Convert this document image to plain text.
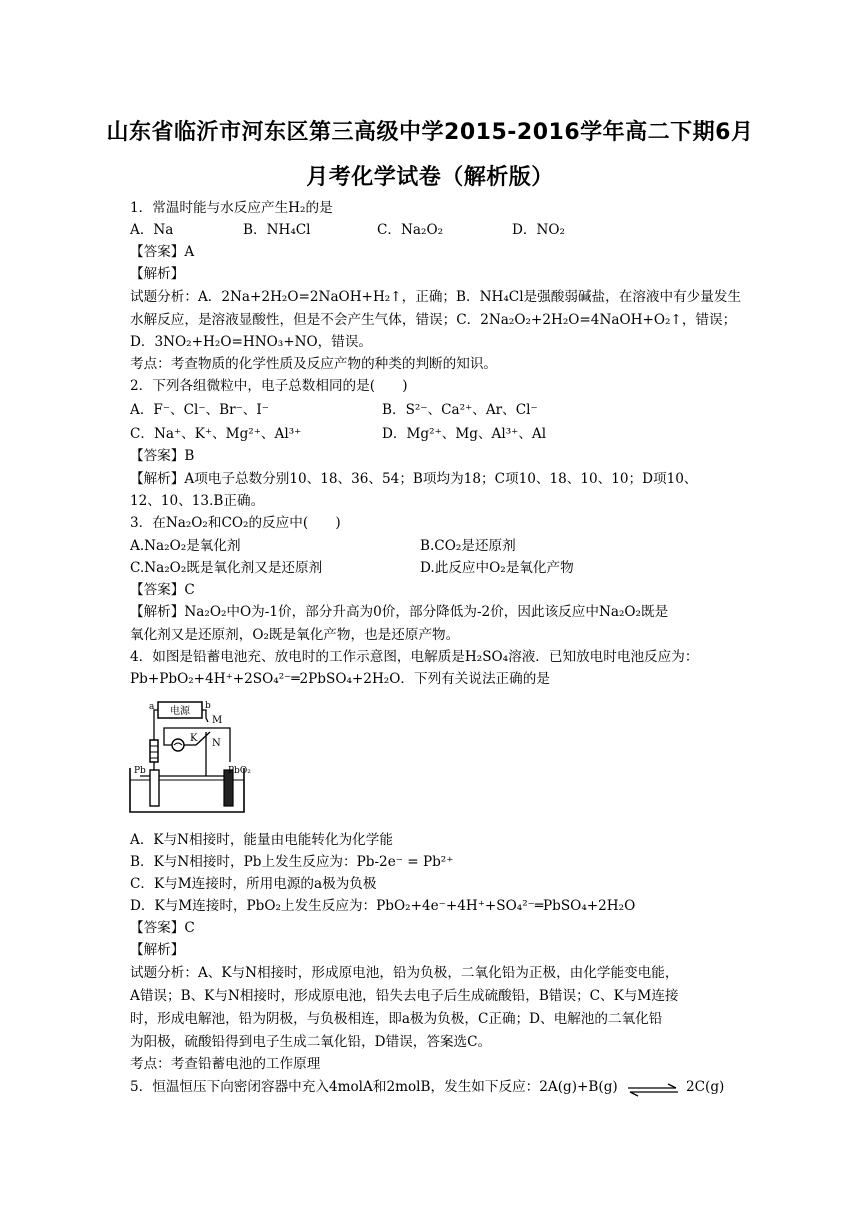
山东省临沂市河东区第三高级中学2015-2016学年高二下期6月
月考化学试卷（解析版）
1．常温时能与水反应产生H₂的是
A．Na	B．NH₄Cl	C．Na₂O₂	D．NO₂
【答案】A
【解析】
试题分析：A．2Na+2H₂O=2NaOH+H₂↑，正确；B．NH₄Cl是强酸弱碱盐，在溶液中有少量发生
水解反应，是溶液显酸性，但是不会产生气体，错误；C．2Na₂O₂+2H₂O=4NaOH+O₂↑，错误；
D．3NO₂+H₂O=HNO₃+NO，错误。
考点：考查物质的化学性质及反应产物的种类的判断的知识。
2．下列各组微粒中，电子总数相同的是(　　)
A．F⁻、Cl⁻、Br⁻、I⁻	B．S²⁻、Ca²⁺、Ar、Cl⁻
C．Na⁺、K⁺、Mg²⁺、Al³⁺	D．Mg²⁺、Mg、Al³⁺、Al
【答案】B
【解析】A项电子总数分别10、18、36、54；B项均为18；C项10、18、10、10；D项10、
12、10、13.B正确。
3．在Na₂O₂和CO₂的反应中(　　)
A.Na₂O₂是氧化剂	B.CO₂是还原剂
C.Na₂O₂既是氧化剂又是还原剂	D.此反应中O₂是氧化产物
【答案】C
【解析】Na₂O₂中O为-1价，部分升高为0价，部分降低为-2价，因此该反应中Na₂O₂既是
氧化剂又是还原剂，O₂既是氧化产物，也是还原产物。
4．如图是铅蓄电池充、放电时的工作示意图，电解质是H₂SO₄溶液．已知放电时电池反应为：
Pb+PbO₂+4H⁺+2SO₄²⁻═2PbSO₄+2H₂O．下列有关说法正确的是
电源
a	b
M
K N
Pb	PbO₂
A．K与N相接时，能量由电能转化为化学能
B．K与N相接时，Pb上发生反应为：Pb-2e⁻ = Pb²⁺
C．K与M连接时，所用电源的a极为负极
D．K与M连接时，PbO₂上发生反应为：PbO₂+4e⁻+4H⁺+SO₄²⁻═PbSO₄+2H₂O
【答案】C
【解析】
试题分析：A、K与N相接时，形成原电池，铅为负极，二氧化铅为正极，由化学能变电能，
A错误；B、K与N相接时，形成原电池，铅失去电子后生成硫酸铅，B错误；C、K与M连接
时，形成电解池，铅为阴极，与负极相连，即a极为负极，C正确；D、电解池的二氧化铅
为阳极，硫酸铅得到电子生成二氧化铅，D错误，答案选C。
考点：考查铅蓄电池的工作原理
5．恒温恒压下向密闭容器中充入4molA和2molB，发生如下反应：2A(g)+B(g) ⇌ 2C(g)
